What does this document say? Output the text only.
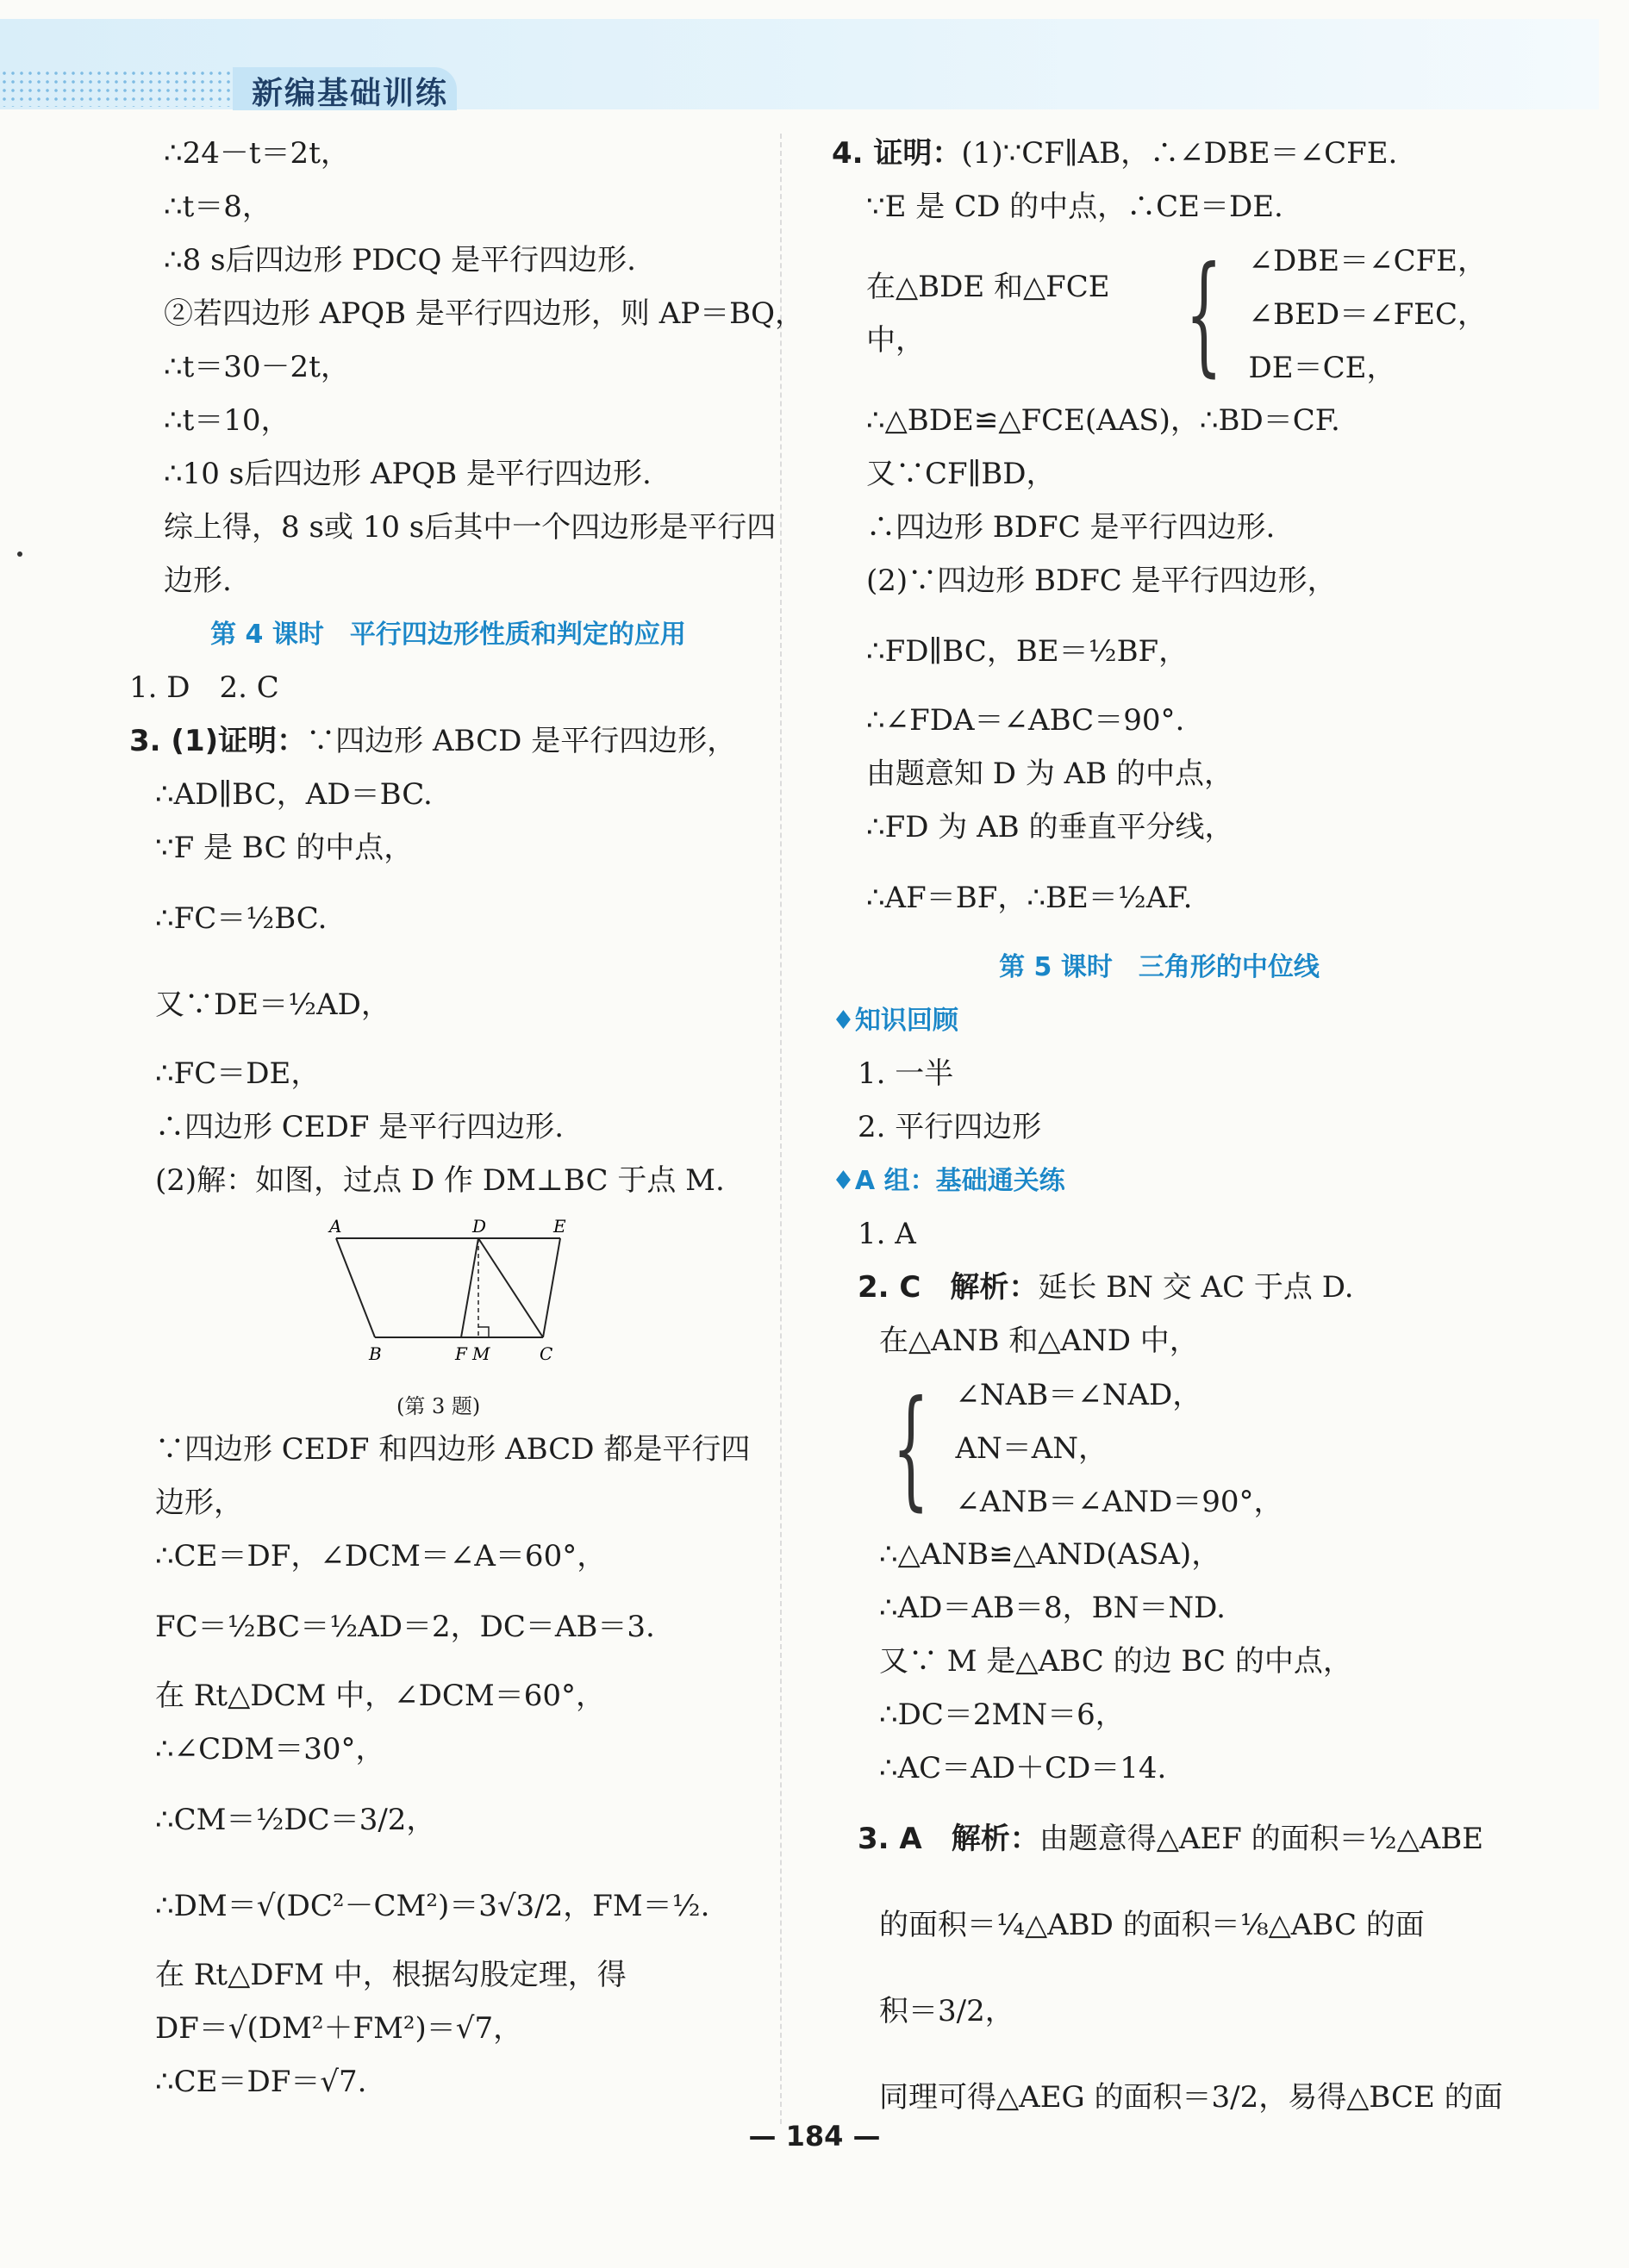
新编基础训练
∴24－t＝2t，
∴t＝8，
∴8 s后四边形 PDCQ 是平行四边形.
②若四边形 APQB 是平行四边形，则 AP＝BQ，
∴t＝30－2t，
∴t＝10，
∴10 s后四边形 APQB 是平行四边形.
综上得，8 s或 10 s后其中一个四边形是平行四
边形.
第 4 课时　平行四边形性质和判定的应用
1. D　2. C
3. (1)证明：∵四边形 ABCD 是平行四边形，
∴AD∥BC，AD＝BC.
∵F 是 BC 的中点，
∴FC＝½BC.
又∵DE＝½AD，
∴FC＝DE，
∴四边形 CEDF 是平行四边形.
(2)解：如图，过点 D 作 DM⊥BC 于点 M.
A	D	E
B	F M	C
(第 3 题)
∵四边形 CEDF 和四边形 ABCD 都是平行四
边形，
∴CE＝DF，∠DCM＝∠A＝60°，
FC＝½BC＝½AD＝2，DC＝AB＝3.
在 Rt△DCM 中，∠DCM＝60°，
∴∠CDM＝30°，
∴CM＝½DC＝3/2，
∴DM＝√(DC²－CM²)＝3√3/2，FM＝½.
在 Rt△DFM 中，根据勾股定理，得
DF＝√(DM²＋FM²)＝√7，
∴CE＝DF＝√7.
4. 证明：(1)∵CF∥AB，∴∠DBE＝∠CFE.
∵E 是 CD 的中点，∴CE＝DE.
在△BDE 和△FCE 中，	{ ∠DBE＝∠CFE，
∠BED＝∠FEC，
DE＝CE，
∴△BDE≌△FCE(AAS)，∴BD＝CF.
又∵CF∥BD，
∴四边形 BDFC 是平行四边形.
(2)∵四边形 BDFC 是平行四边形，
∴FD∥BC，BE＝½BF，
∴∠FDA＝∠ABC＝90°.
由题意知 D 为 AB 的中点，
∴FD 为 AB 的垂直平分线，
∴AF＝BF，∴BE＝½AF.
第 5 课时　三角形的中位线
♦知识回顾
1. 一半
2. 平行四边形
♦A 组：基础通关练
1. A
2. C　解析：延长 BN 交 AC 于点 D.
在△ANB 和△AND 中，
{ ∠NAB＝∠NAD，
AN＝AN，
∠ANB＝∠AND＝90°，
∴△ANB≌△AND(ASA)，
∴AD＝AB＝8，BN＝ND.
又∵ M 是△ABC 的边 BC 的中点，
∴DC＝2MN＝6，
∴AC＝AD＋CD＝14.
3. A　解析：由题意得△AEF 的面积＝½△ABE
的面积＝¼△ABD 的面积＝⅛△ABC 的面
积＝3/2，
同理可得△AEG 的面积＝3/2，易得△BCE 的面
— 184 —
